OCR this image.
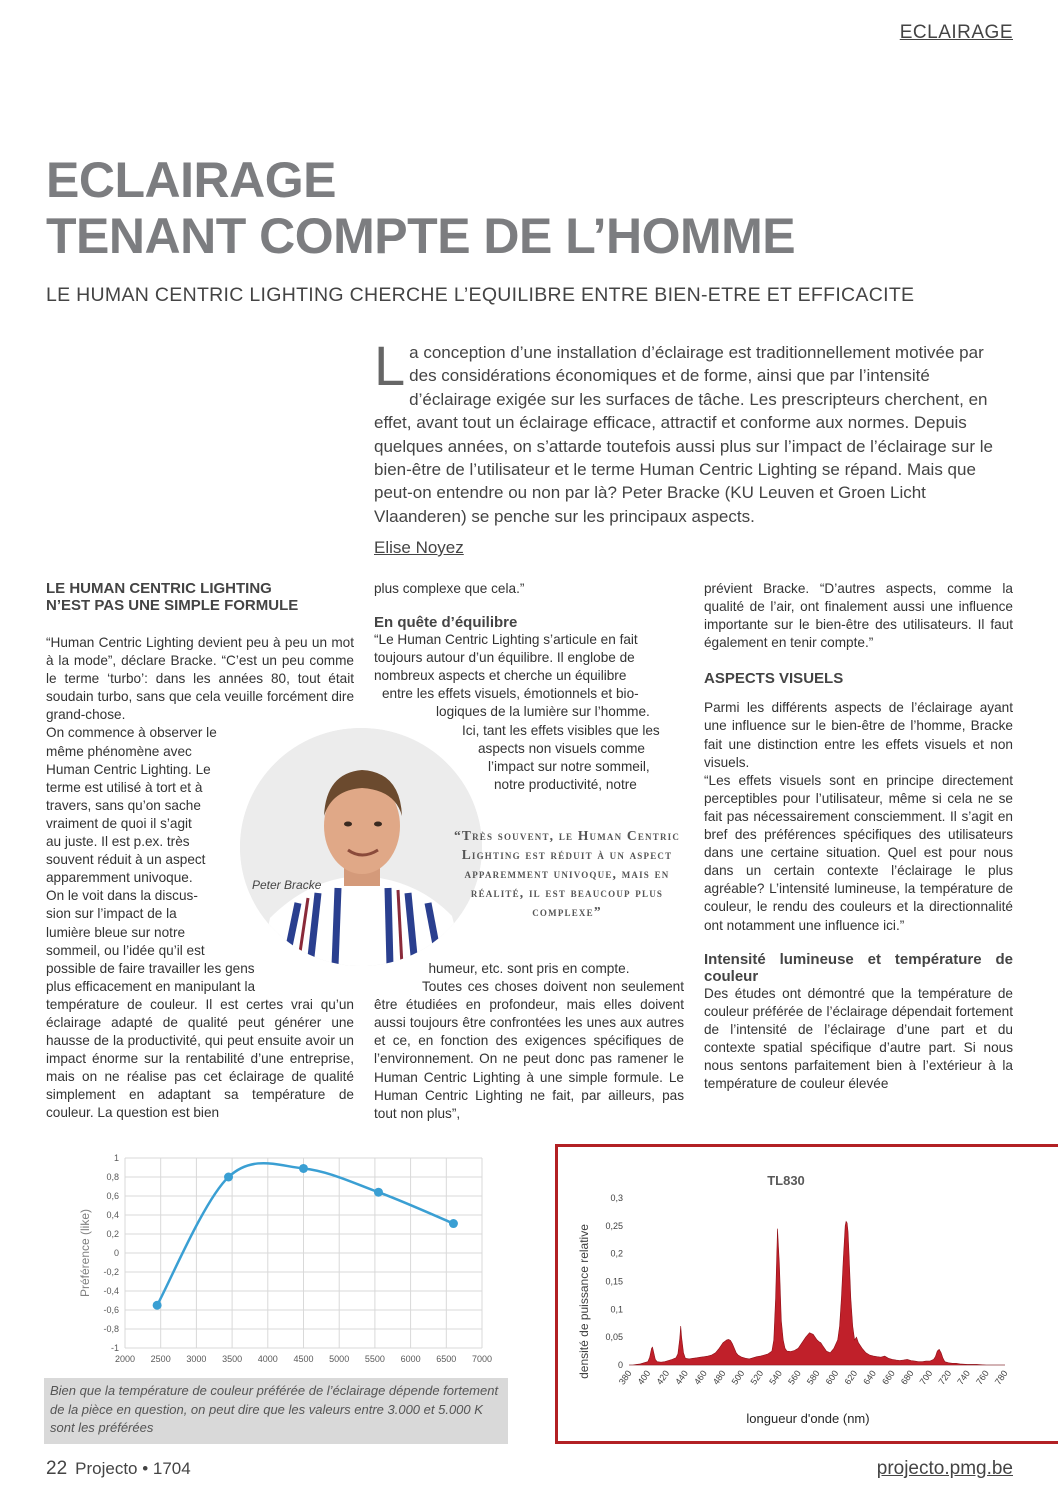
ECLAIRAGE
ECLAIRAGE
TENANT COMPTE DE L’HOMME
LE HUMAN CENTRIC LIGHTING CHERCHE L’EQUILIBRE ENTRE BIEN-ETRE ET EFFICACITE
La conception d’une installation d’éclairage est traditionnellement motivée par des considérations économiques et de forme, ainsi que par l’intensité d’éclairage exigée sur les surfaces de tâche. Les prescripteurs cherchent, en effet, avant tout un éclairage efficace, attractif et conforme aux normes. Depuis quelques années, on s’attarde toutefois aussi plus sur l’impact de l’éclairage sur le bien-être de l’utilisateur et le terme Human Centric Lighting se répand. Mais que peut-on entendre ou non par là? Peter Bracke (KU Leuven et Groen Licht Vlaanderen) se penche sur les principaux aspects.
Elise Noyez
LE HUMAN CENTRIC LIGHTING
N’EST PAS UNE SIMPLE FORMULE

“Human Centric Lighting devient peu à peu un mot à la mode”, déclare Bracke. “C’est un peu comme le terme ‘turbo’: dans les années 80, tout était soudain turbo, sans que cela veuille forcément dire grand-chose.

On commence à observer le
même phénomène avec
Human Centric Lighting. Le
terme est utilisé à tort et à
travers, sans qu’on sache
vraiment de quoi il s’agit
au juste. Il est p.ex. très
souvent réduit à un aspect
apparemment univoque.
On le voit dans la discus-
sion sur l’impact de la
lumière bleue sur notre
sommeil, ou l’idée qu’il est
possible de faire travailler les gens
plus efficacement en manipulant la

température de couleur. Il est certes vrai qu’un éclairage adapté de qualité peut générer une hausse de la productivité, qui peut ensuite avoir un impact énorme sur la rentabilité d’une entreprise, mais on ne réalise pas cet éclairage de qualité simplement en adaptant sa température de couleur. La question est bien

Peter Bracke

plus complexe que cela.”

En quête d’équilibre
“Le Human Centric Lighting s’articule en fait
toujours autour d’un équilibre. Il englobe de
nombreux aspects et cherche un équilibre
entre les effets visuels, émotionnels et bio-
logiques de la lumière sur l’homme.
Ici, tant les effets visibles que les
aspects non visuels comme
l’impact sur notre sommeil,
notre productivité, notre

humeur, etc. sont pris en compte.

Toutes ces choses doivent non seulement être étudiées en profondeur, mais elles doivent aussi toujours être confrontées les unes aux autres et ce, en fonction des exigences spécifiques de l’environnement. On ne peut donc pas ramener le Human Centric Lighting à une simple formule. Le Human Centric Lighting ne fait, par ailleurs, pas tout non plus”,

“Très souvent, le Human Centric Lighting est réduit à un aspect apparemment univoque, mais en réalité, il est beaucoup plus complexe”

prévient Bracke. “D’autres aspects, comme la qualité de l’air, ont finalement aussi une influence importante sur le bien-être des utilisateurs. Il faut également en tenir compte.”

ASPECTS VISUELS

Parmi les différents aspects de l’éclairage ayant une influence sur le bien-être de l’homme, Bracke fait une distinction entre les effets visuels et non visuels.

“Les effets visuels sont en principe directement perceptibles pour l’utilisateur, même si cela ne se fait pas nécessairement consciemment. Il s’agit en bref des préférences spécifiques des utilisateurs dans une certaine situation. Quel est pour nous dans un certain contexte l’éclairage le plus agréable? L’intensité lumineuse, la température de couleur, le rendu des couleurs et la directionnalité ont notamment une influence ici.”

Intensité lumineuse et température de couleur

Des études ont démontré que la température de couleur préférée de l’éclairage dépendait fortement de l’intensité de l’éclairage d’une part et du contexte spatial spécifique d’autre part. Si nous nous sentons parfaitement bien à l’extérieur à la température de couleur élevée

1
0,8
0,6
0,4
0,2
0
-0,2
-0,4
-0,6
-0,8
-1
2000 2500 3000 3500 4000 4500 5000 5500 6000 6500 7000
Préférence (like)
Bien que la température de couleur préférée de l’éclairage dépende fortement de la pièce en question, on peut dire que les valeurs entre 3.000 et 5.000 K sont les préférées
TL830
0,3
0,25
0,2
0,15
0,1
0,05
0
380 400 420 440 460 480 500 520 540 560 580 600 620 640 660 680 700 720 740 760 780
densité de puissance relative
longueur d'onde (nm)
22 Projecto • 1704	projecto.pmg.be
